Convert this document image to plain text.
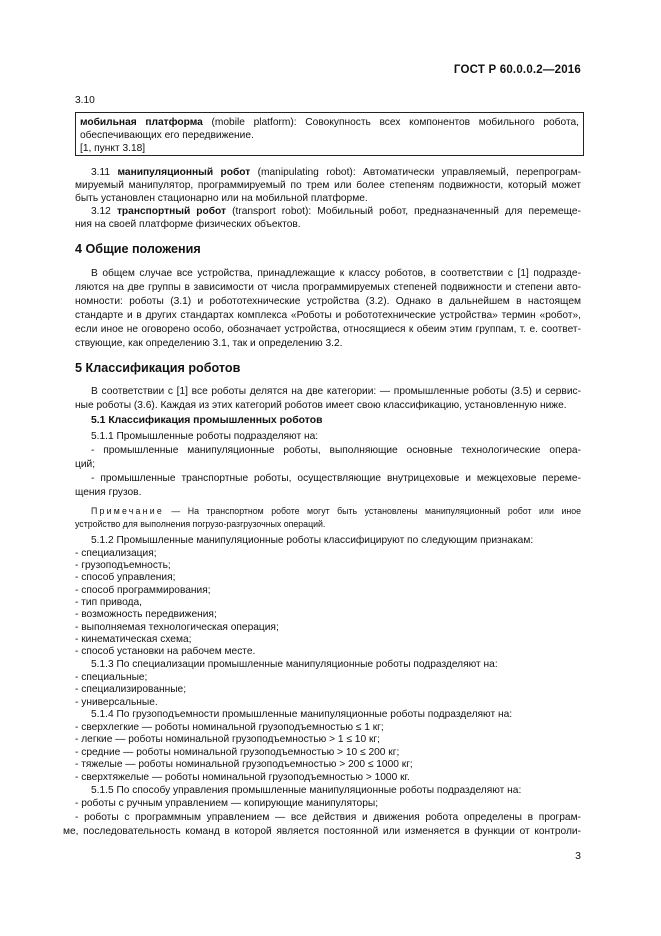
ГОСТ Р 60.0.0.2—2016
3.10
мобильная платформа (mobile platform): Совокупность всех компонентов мобильного робота,
обеспечивающих его передвижение.
[1, пункт 3.18]
3.11 манипуляционный робот (manipulating robot): Автоматически управляемый, перепрограм-
мируемый манипулятор, программируемый по трем или более степеням подвижности, который может
быть установлен стационарно или на мобильной платформе.
3.12 транспортный робот (transport robot): Мобильный робот, предназначенный для перемеще-
ния на своей платформе физических объектов.
4 Общие положения
В общем случае все устройства, принадлежащие к классу роботов, в соответствии с [1] подразде-
ляются на две группы в зависимости от числа программируемых степеней подвижности и степени авто-
номности: роботы (3.1) и робототехнические устройства (3.2). Однако в дальнейшем в настоящем
стандарте и в других стандартах комплекса «Роботы и робототехнические устройства» термин «робот»,
если иное не оговорено особо, обозначает устройства, относящиеся к обеим этим группам, т. е. соответ-
ствующие, как определению 3.1, так и определению 3.2.
5 Классификация роботов
В соответствии с [1] все роботы делятся на две категории: — промышленные роботы (3.5) и сервис-
ные роботы (3.6). Каждая из этих категорий роботов имеет свою классификацию, установленную ниже.
5.1 Классификация промышленных роботов
5.1.1 Промышленные роботы подразделяют на:
- промышленные манипуляционные роботы, выполняющие основные технологические опера-
ций;
- промышленные транспортные роботы, осуществляющие внутрицеховые и межцеховые переме-
щения грузов.
Примечание — На транспортном роботе могут быть установлены манипуляционный робот или иное
устройство для выполнения погрузо-разгрузочных операций.
5.1.2 Промышленные манипуляционные роботы классифицируют по следующим признакам:
- специализация;
- грузоподъемность;
- способ управления;
- способ программирования;
- тип привода,
- возможность передвижения;
- выполняемая технологическая операция;
- кинематическая схема;
- способ установки на рабочем месте.
5.1.3 По специализации промышленные манипуляционные роботы подразделяют на:
- специальные;
- специализированные;
- универсальные.
5.1.4 По грузоподъемности промышленные манипуляционные роботы подразделяют на:
- сверхлегкие — роботы номинальной грузоподъемностью ≤ 1 кг;
- легкие — роботы номинальной грузоподъемностью > 1 ≤ 10 кг;
- средние — роботы номинальной грузоподъемностью > 10 ≤ 200 кг;
- тяжелые — роботы номинальной грузоподъемностью > 200 ≤ 1000 кг;
- сверхтяжелые — роботы номинальной грузоподъемностью > 1000 кг.
5.1.5 По способу управления промышленные манипуляционные роботы подразделяют на:
- роботы с ручным управлением — копирующие манипуляторы;
- роботы с программным управлением — все действия и движения робота определены в програм-
ме, последовательность команд в которой является постоянной или изменяется в функции от контроли-
3
